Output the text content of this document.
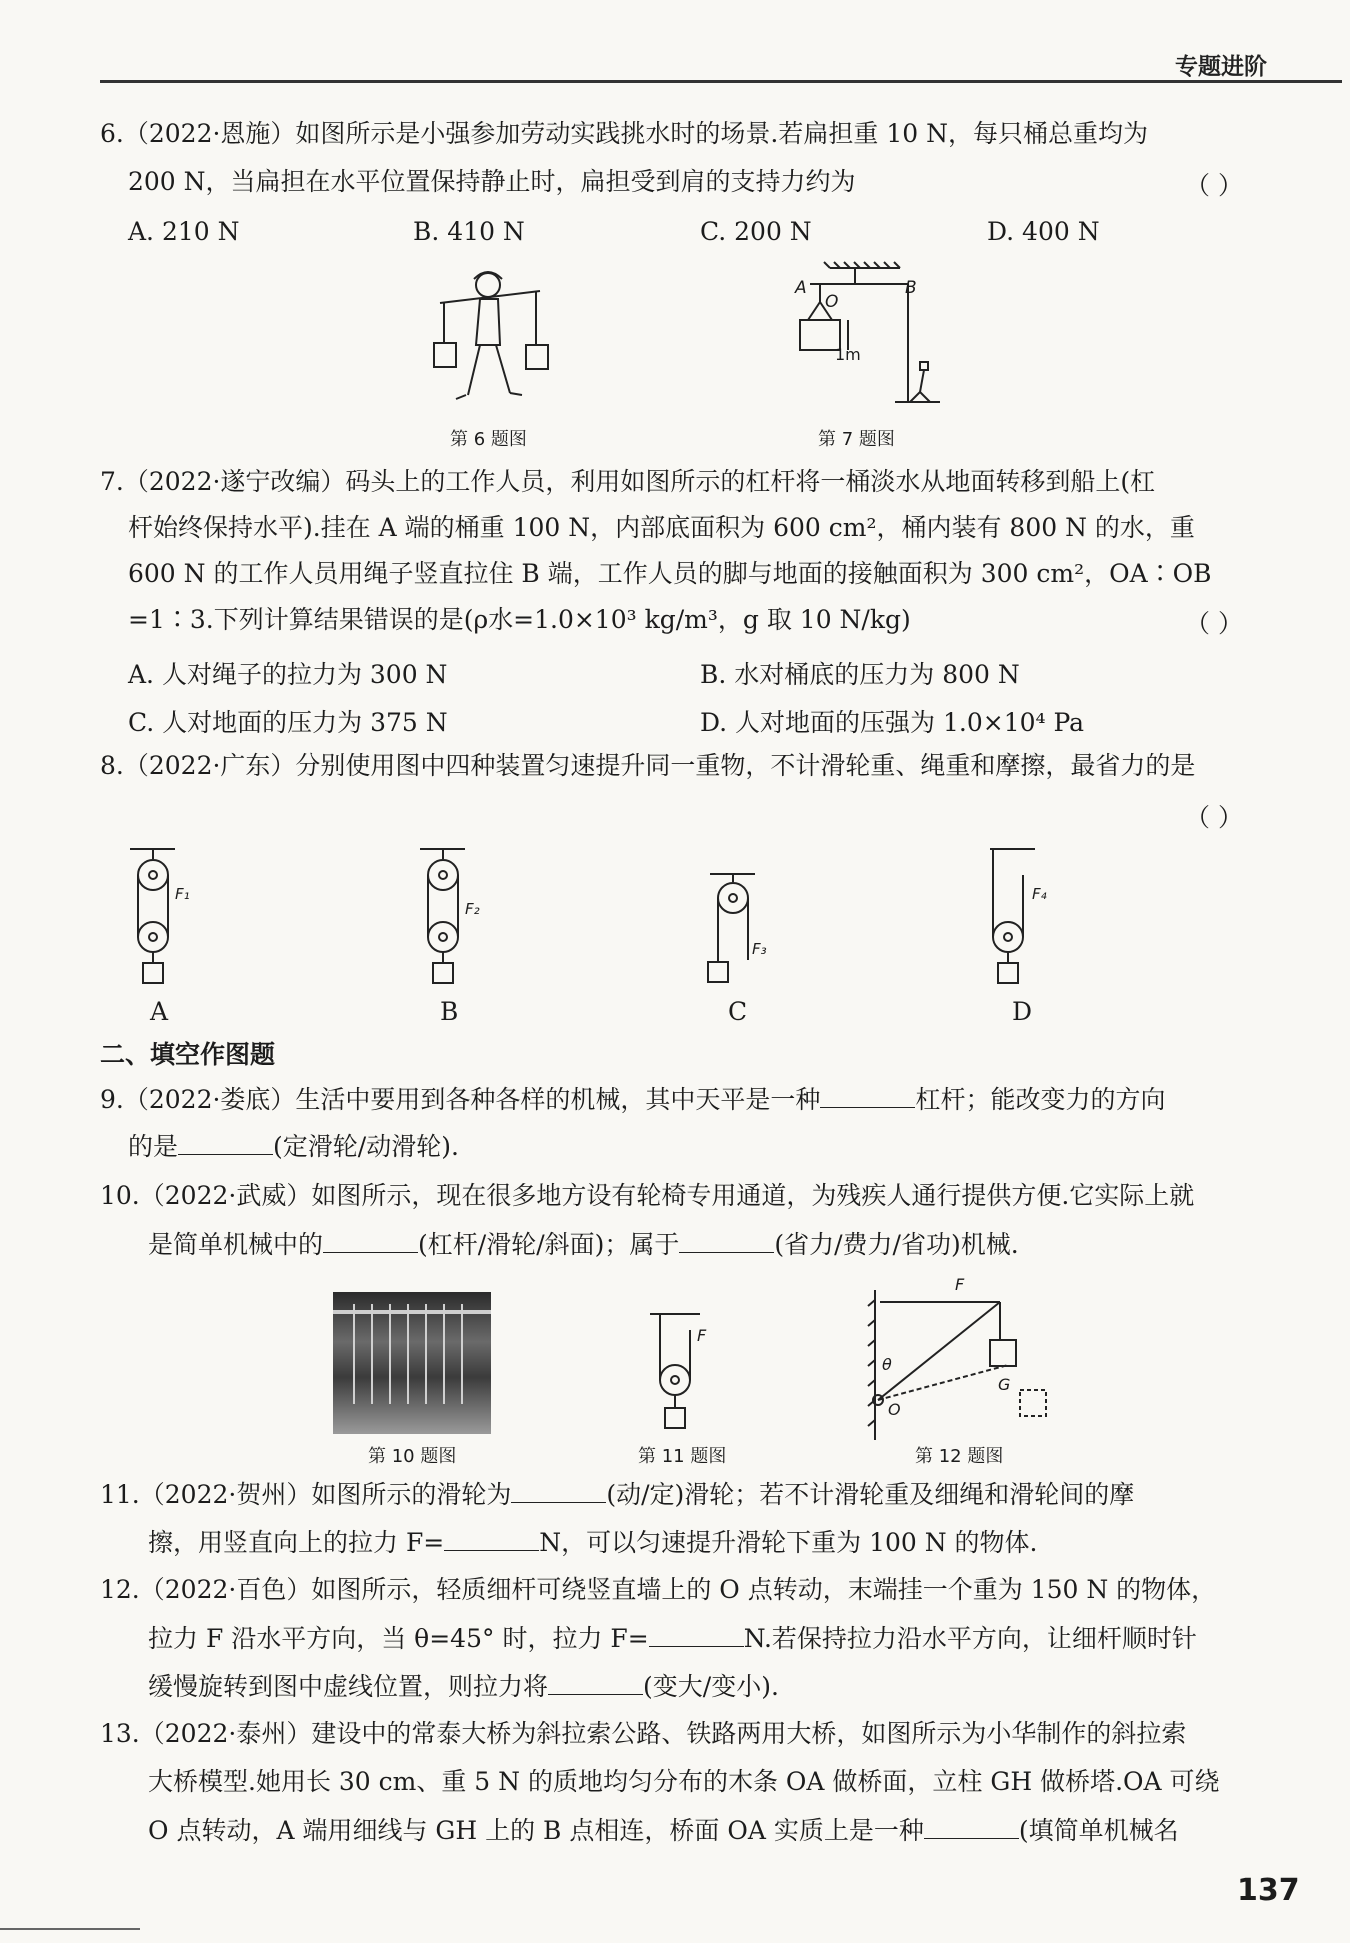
专题进阶
6.（2022·恩施）如图所示是小强参加劳动实践挑水时的场景.若扁担重 10 N，每只桶总重均为
200 N，当扁担在水平位置保持静止时，扁担受到肩的支持力约为	（ ）
A. 210 N	B. 410 N	C. 200 N	D. 400 N
第 6 题图
A
O
B
1m
第 7 题图
7.（2022·遂宁改编）码头上的工作人员，利用如图所示的杠杆将一桶淡水从地面转移到船上(杠
杆始终保持水平).挂在 A 端的桶重 100 N，内部底面积为 600 cm²，桶内装有 800 N 的水，重
600 N 的工作人员用绳子竖直拉住 B 端，工作人员的脚与地面的接触面积为 300 cm²，OA∶OB
=1∶3.下列计算结果错误的是(ρ水=1.0×10³ kg/m³，g 取 10 N/kg)	（ ）
A. 人对绳子的拉力为 300 N	B. 水对桶底的压力为 800 N
C. 人对地面的压力为 375 N	D. 人对地面的压强为 1.0×10⁴ Pa
8.（2022·广东）分别使用图中四种装置匀速提升同一重物，不计滑轮重、绳重和摩擦，最省力的是
（ ）
F₁
F₂
F₃
F₄
A	B	C	D
二、填空作图题
9.（2022·娄底）生活中要用到各种各样的机械，其中天平是一种	杠杆；能改变力的方向
的是	(定滑轮/动滑轮).
10.（2022·武威）如图所示，现在很多地方设有轮椅专用通道，为残疾人通行提供方便.它实际上就
是简单机械中的	(杠杆/滑轮/斜面)；属于	(省力/费力/省功)机械.
第 10 题图
F
第 11 题图
F
θ
O
G
第 12 题图
11.（2022·贺州）如图所示的滑轮为	(动/定)滑轮；若不计滑轮重及细绳和滑轮间的摩
擦，用竖直向上的拉力 F=	N，可以匀速提升滑轮下重为 100 N 的物体.
12.（2022·百色）如图所示，轻质细杆可绕竖直墙上的 O 点转动，末端挂一个重为 150 N 的物体，
拉力 F 沿水平方向，当 θ=45° 时，拉力 F=	N.若保持拉力沿水平方向，让细杆顺时针
缓慢旋转到图中虚线位置，则拉力将	(变大/变小).
13.（2022·泰州）建设中的常泰大桥为斜拉索公路、铁路两用大桥，如图所示为小华制作的斜拉索
大桥模型.她用长 30 cm、重 5 N 的质地均匀分布的木条 OA 做桥面，立柱 GH 做桥塔.OA 可绕
O 点转动，A 端用细线与 GH 上的 B 点相连，桥面 OA 实质上是一种	(填简单机械名
137
